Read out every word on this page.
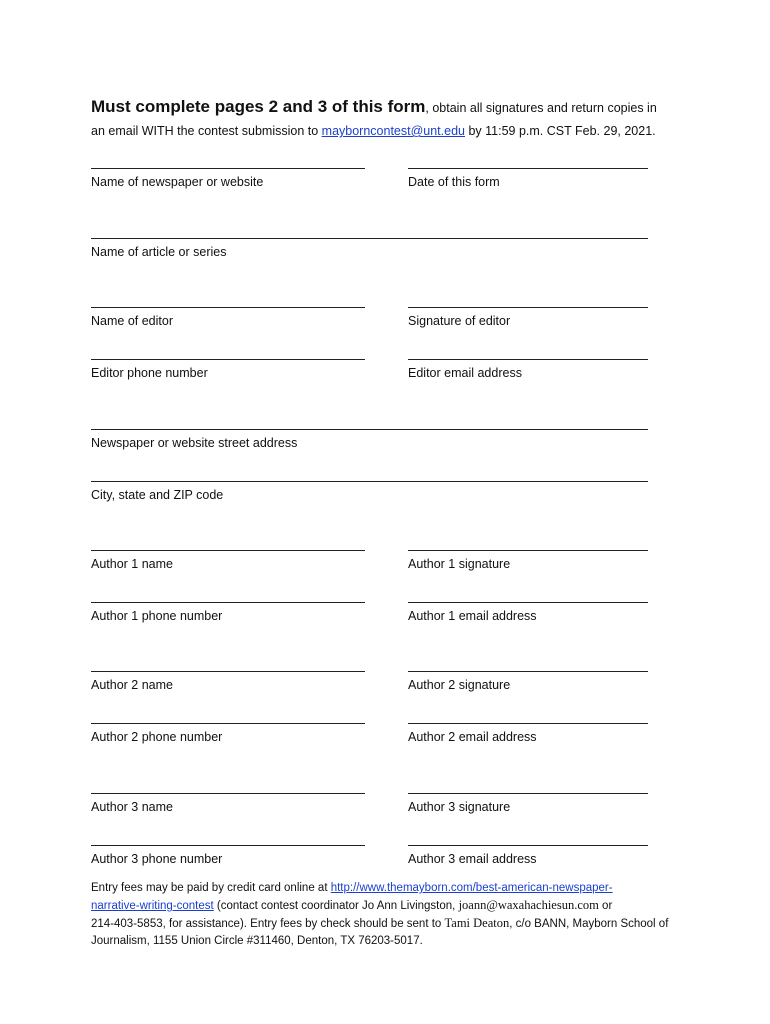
Must complete pages 2 and 3 of this form, obtain all signatures and return copies in
an email WITH the contest submission to mayborncontest@unt.edu by 11:59 p.m. CST Feb. 29, 2021.
Name of newspaper or website	Date of this form
Name of article or series
Name of editor	Signature of editor
Editor phone number	Editor email address
Newspaper or website street address
City, state and ZIP code
Author 1 name	Author 1 signature
Author 1 phone number	Author 1 email address
Author 2 name	Author 2 signature
Author 2 phone number	Author 2 email address
Author 3 name	Author 3 signature
Author 3 phone number	Author 3 email address
Entry fees may be paid by credit card online at http://www.themayborn.com/best-american-newspaper-
narrative-writing-contest (contact contest coordinator Jo Ann Livingston, joann@waxahachiesun.com or
214-403-5853, for assistance). Entry fees by check should be sent to Tami Deaton, c/o BANN, Mayborn School of
Journalism, 1155 Union Circle #311460, Denton, TX 76203-5017.
